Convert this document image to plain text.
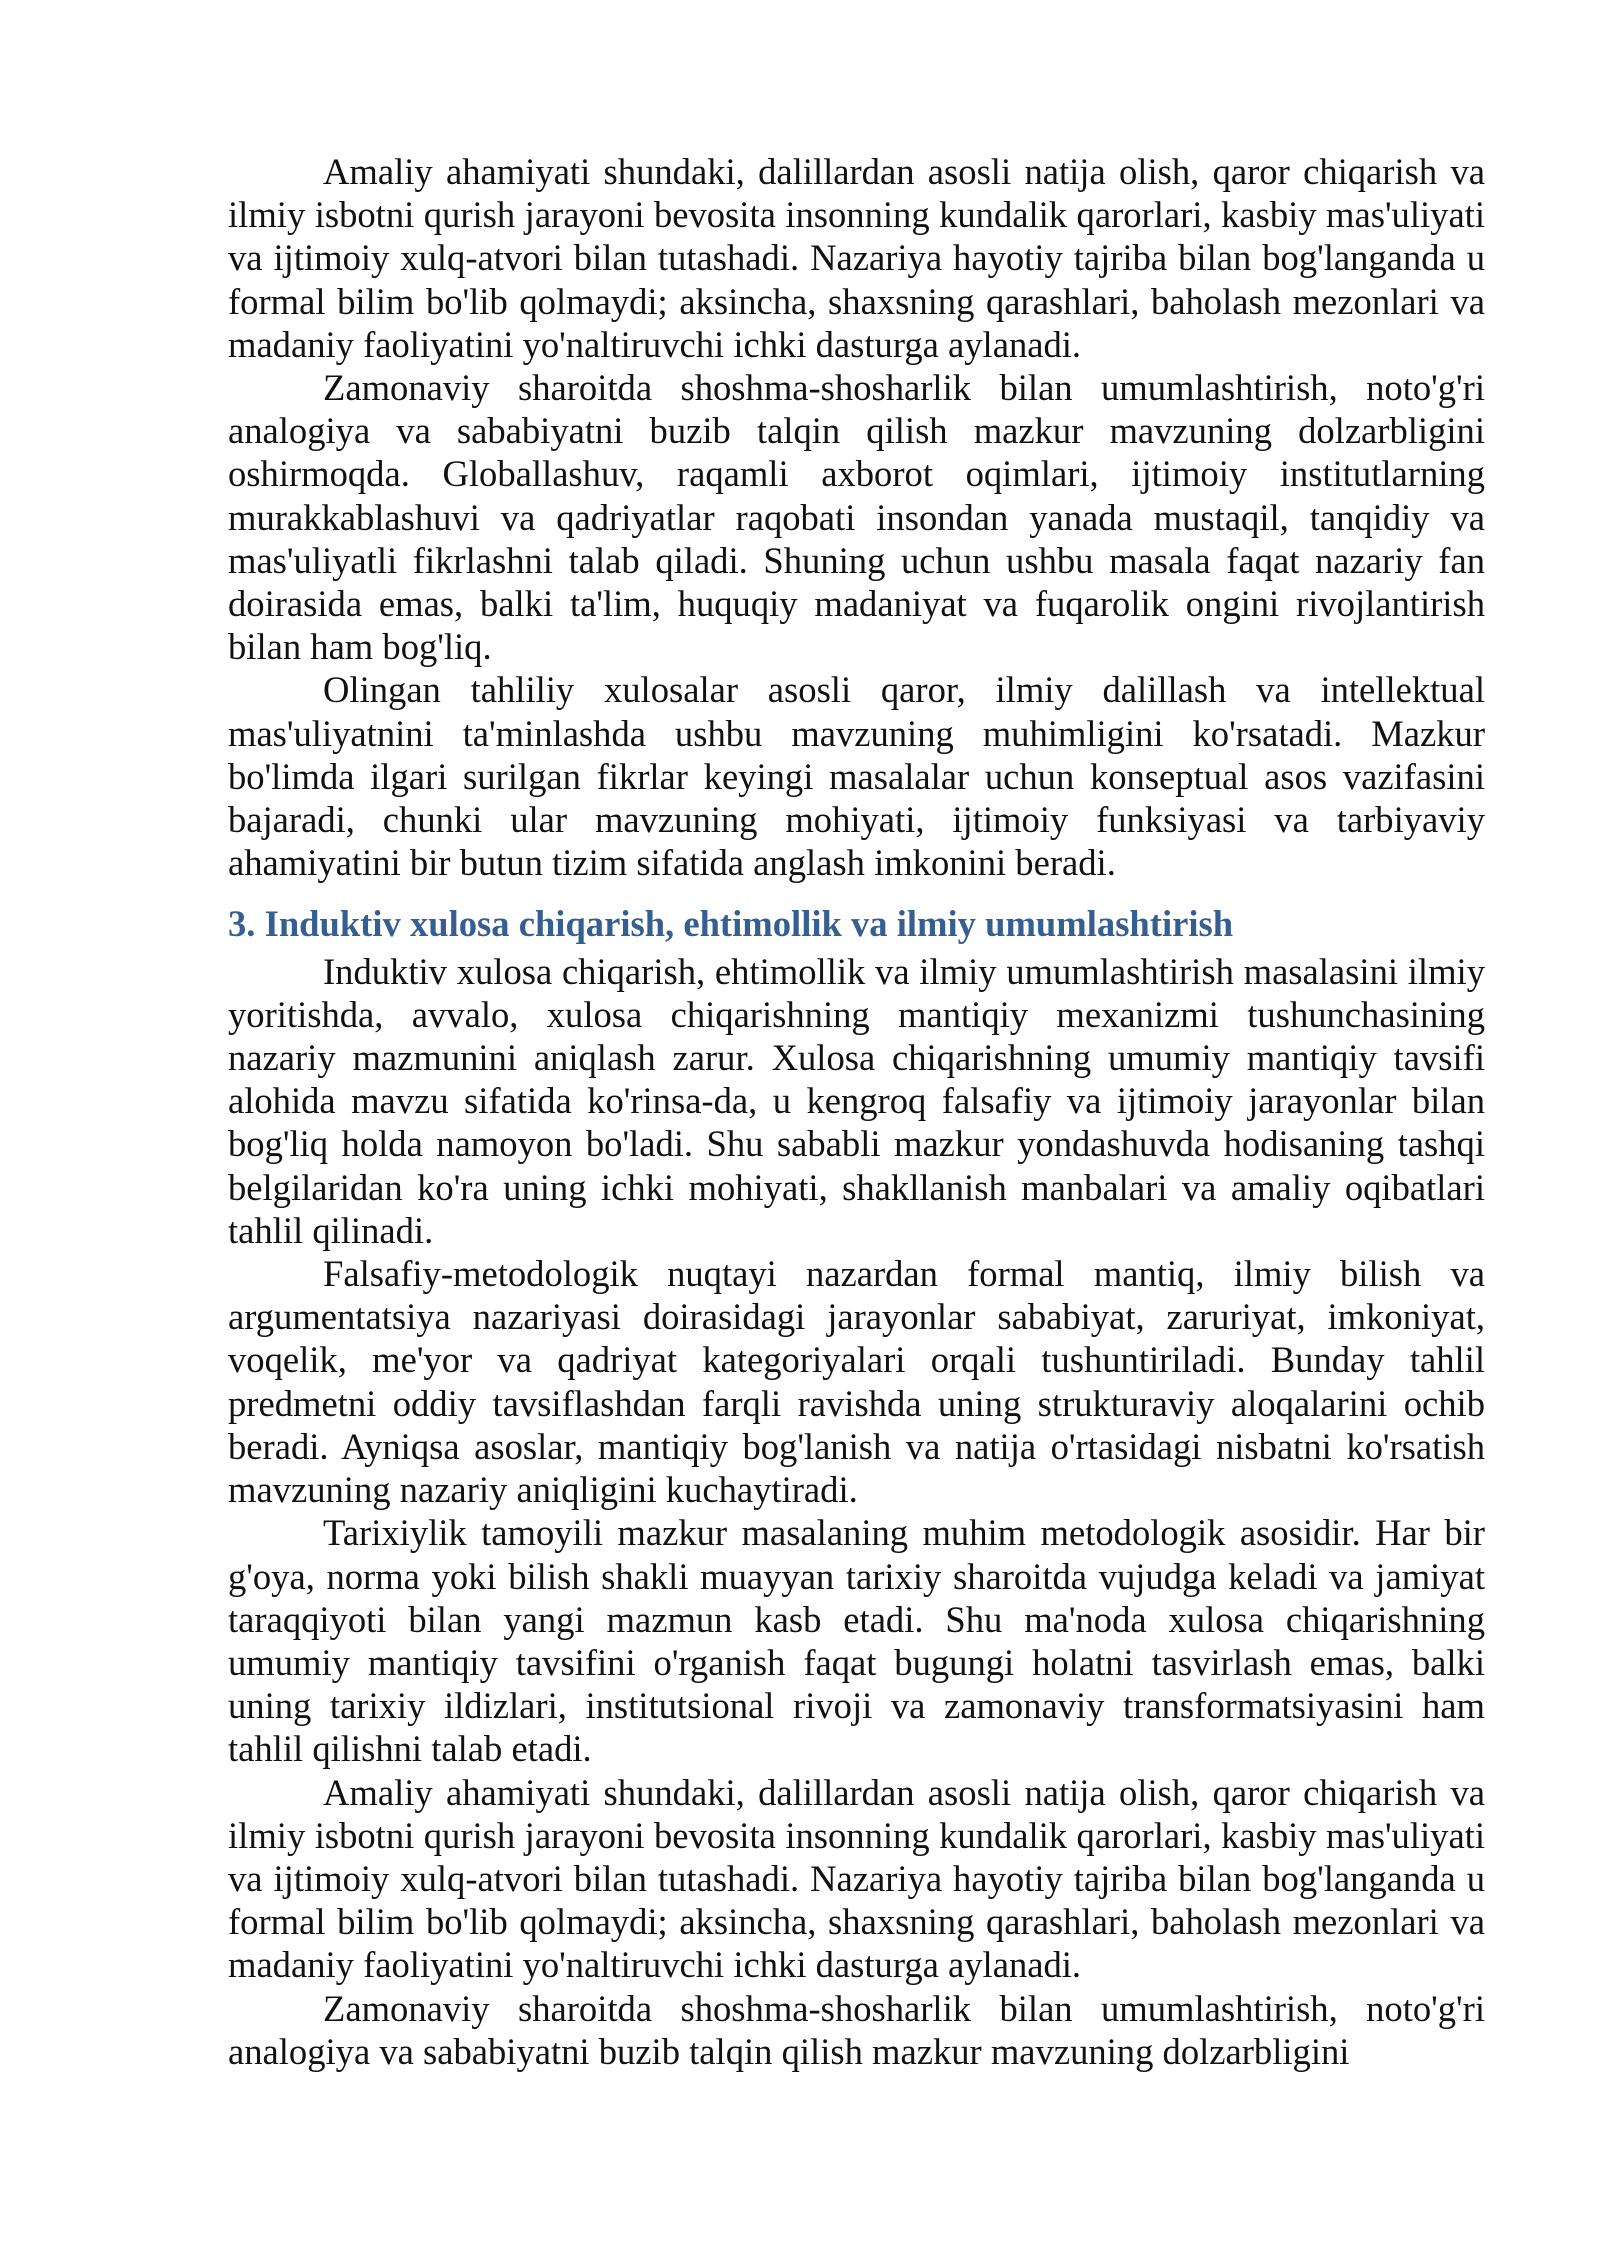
Amaliy ahamiyati shundaki, dalillardan asosli natija olish, qaror chiqarish va ilmiy isbotni qurish jarayoni bevosita insonning kundalik qarorlari, kasbiy mas'uliyati va ijtimoiy xulq-atvori bilan tutashadi. Nazariya hayotiy tajriba bilan bog'langanda u formal bilim bo'lib qolmaydi; aksincha, shaxsning qarashlari, baholash mezonlari va madaniy faoliyatini yo'naltiruvchi ichki dasturga aylanadi.

Zamonaviy sharoitda shoshma-shosharlik bilan umumlashtirish, noto'g'ri analogiya va sababiyatni buzib talqin qilish mazkur mavzuning dolzarbligini oshirmoqda. Globallashuv, raqamli axborot oqimlari, ijtimoiy institutlarning murakkablashuvi va qadriyatlar raqobati insondan yanada mustaqil, tanqidiy va mas'uliyatli fikrlashni talab qiladi. Shuning uchun ushbu masala faqat nazariy fan doirasida emas, balki ta'lim, huquqiy madaniyat va fuqarolik ongini rivojlantirish bilan ham bog'liq.

Olingan tahliliy xulosalar asosli qaror, ilmiy dalillash va intellektual mas'uliyatnini ta'minlashda ushbu mavzuning muhimligini ko'rsatadi. Mazkur bo'limda ilgari surilgan fikrlar keyingi masalalar uchun konseptual asos vazifasini bajaradi, chunki ular mavzuning mohiyati, ijtimoiy funksiyasi va tarbiyaviy ahamiyatini bir butun tizim sifatida anglash imkonini beradi.

3. Induktiv xulosa chiqarish, ehtimollik va ilmiy umumlashtirish

Induktiv xulosa chiqarish, ehtimollik va ilmiy umumlashtirish masalasini ilmiy yoritishda, avvalo, xulosa chiqarishning mantiqiy mexanizmi tushunchasining nazariy mazmunini aniqlash zarur. Xulosa chiqarishning umumiy mantiqiy tavsifi alohida mavzu sifatida ko'rinsa-da, u kengroq falsafiy va ijtimoiy jarayonlar bilan bog'liq holda namoyon bo'ladi. Shu sababli mazkur yondashuvda hodisaning tashqi belgilaridan ko'ra uning ichki mohiyati, shakllanish manbalari va amaliy oqibatlari tahlil qilinadi.

Falsafiy-metodologik nuqtayi nazardan formal mantiq, ilmiy bilish va argumentatsiya nazariyasi doirasidagi jarayonlar sababiyat, zaruriyat, imkoniyat, voqelik, me'yor va qadriyat kategoriyalari orqali tushuntiriladi. Bunday tahlil predmetni oddiy tavsiflashdan farqli ravishda uning strukturaviy aloqalarini ochib beradi. Ayniqsa asoslar, mantiqiy bog'lanish va natija o'rtasidagi nisbatni ko'rsatish mavzuning nazariy aniqligini kuchaytiradi.

Tarixiylik tamoyili mazkur masalaning muhim metodologik asosidir. Har bir g'oya, norma yoki bilish shakli muayyan tarixiy sharoitda vujudga keladi va jamiyat taraqqiyoti bilan yangi mazmun kasb etadi. Shu ma'noda xulosa chiqarishning umumiy mantiqiy tavsifini o'rganish faqat bugungi holatni tasvirlash emas, balki uning tarixiy ildizlari, institutsional rivoji va zamonaviy transformatsiyasini ham tahlil qilishni talab etadi.

Amaliy ahamiyati shundaki, dalillardan asosli natija olish, qaror chiqarish va ilmiy isbotni qurish jarayoni bevosita insonning kundalik qarorlari, kasbiy mas'uliyati va ijtimoiy xulq-atvori bilan tutashadi. Nazariya hayotiy tajriba bilan bog'langanda u formal bilim bo'lib qolmaydi; aksincha, shaxsning qarashlari, baholash mezonlari va madaniy faoliyatini yo'naltiruvchi ichki dasturga aylanadi.

Zamonaviy sharoitda shoshma-shosharlik bilan umumlashtirish, noto'g'ri analogiya va sababiyatni buzib talqin qilish mazkur mavzuning dolzarbligini
